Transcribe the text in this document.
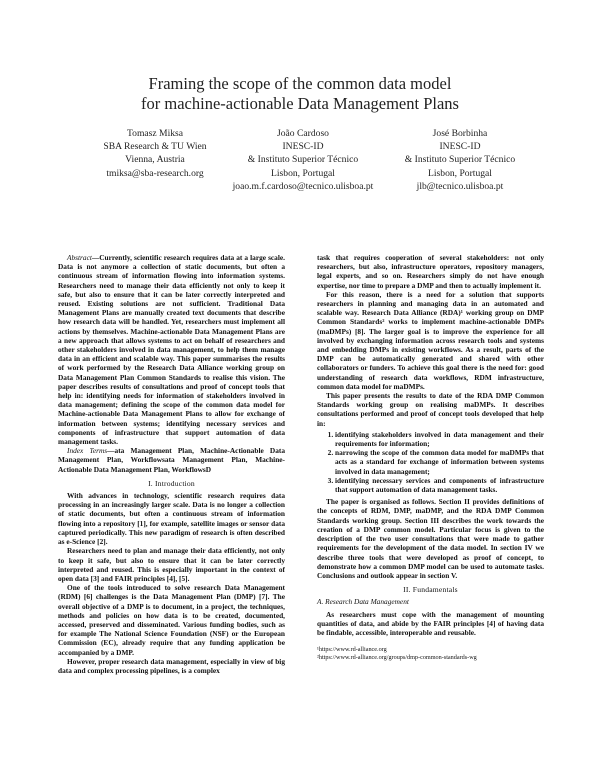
Framing the scope of the common data model
for machine-actionable Data Management Plans
Tomasz Miksa
SBA Research & TU Wien
Vienna, Austria
tmiksa@sba-research.org
João Cardoso
INESC-ID
& Instituto Superior Técnico
Lisbon, Portugal
joao.m.f.cardoso@tecnico.ulisboa.pt
José Borbinha
INESC-ID
& Instituto Superior Técnico
Lisbon, Portugal
jlb@tecnico.ulisboa.pt

Abstract—Currently, scientific research requires data at a large scale. Data is not anymore a collection of static documents, but often a continuous stream of information flowing into information systems. Researchers need to manage their data efficiently not only to keep it safe, but also to ensure that it can be later correctly interpreted and reused. Existing solutions are not sufficient. Traditional Data Management Plans are manually created text documents that describe how research data will be handled. Yet, researchers must implement all actions by themselves. Machine-actionable Data Management Plans are a new approach that allows systems to act on behalf of researchers and other stakeholders involved in data management, to help them manage data in an efficient and scalable way. This paper summarises the results of work performed by the Research Data Alliance working group on Data Management Plan Common Standards to realise this vision. The paper describes results of consultations and proof of concept tools that help in: identifying needs for information of stakeholders involved in data management; defining the scope of the common data model for Machine-actionable Data Management Plans to allow for exchange of information between systems; identifying necessary services and components of infrastructure that support automation of data management tasks.

Index Terms—ata Management Plan, Machine-Actionable Data Management Plan, Workflowsata Management Plan, Machine-Actionable Data Management Plan, WorkflowsD

I. Introduction

With advances in technology, scientific research requires data processing in an increasingly larger scale. Data is no longer a collection of static documents, but often a continuous stream of information flowing into a repository [1], for example, satellite images or sensor data captured periodically. This new paradigm of research is often described as e-Science [2].

Researchers need to plan and manage their data efficiently, not only to keep it safe, but also to ensure that it can be later correctly interpreted and reused. This is especially important in the context of open data [3] and FAIR principles [4], [5].

One of the tools introduced to solve research Data Management (RDM) [6] challenges is the Data Management Plan (DMP) [7]. The overall objective of a DMP is to document, in a project, the techniques, methods and policies on how data is to be created, documented, accessed, preserved and disseminated. Various funding bodies, such as for example The National Science Foundation (NSF) or the European Commission (EC), already require that any funding application be accompanied by a DMP.

However, proper research data management, especially in view of big data and complex processing pipelines, is a complex

task that requires cooperation of several stakeholders: not only researchers, but also, infrastructure operators, repository managers, legal experts, and so on. Researchers simply do not have enough expertise, nor time to prepare a DMP and then to actually implement it.

For this reason, there is a need for a solution that supports researchers in planning and managing data in an automated and scalable way. Research Data Alliance (RDA)¹ working group on DMP Common Standards² works to implement machine-actionable DMPs (maDMPs) [8]. The larger goal is to improve the experience for all involved by exchanging information across research tools and systems and embedding DMPs in existing workflows. As a result, parts of the DMP can be automatically generated and shared with other collaborators or funders. To achieve this goal there is the need for: good understanding of research data workflows, RDM infrastructure, common data model for maDMPs.

This paper presents the results to date of the RDA DMP Common Standards working group on realising maDMPs. It describes consultations performed and proof of concept tools developed that help in:

1. identifying stakeholders involved in data management and their requirements for information;
2. narrowing the scope of the common data model for maDMPs that acts as a standard for exchange of information between systems involved in data management;
3. identifying necessary services and components of infrastructure that support automation of data management tasks.

The paper is organised as follows. Section II provides definitions of the concepts of RDM, DMP, maDMP, and the RDA DMP Common Standards working group. Section III describes the work towards the creation of a DMP common model. Particular focus is given to the description of the two user consultations that were made to gather requirements for the development of the data model. In section IV we describe three tools that were developed as proof of concept, to demonstrate how a common DMP model can be used to automate tasks. Conclusions and outlook appear in section V.

II. Fundamentals
A. Research Data Management

As researchers must cope with the management of mounting quantities of data, and abide by the FAIR principles [4] of having data be findable, accessible, interoperable and reusable.

¹https://www.rd-alliance.org
²https://www.rd-alliance.org/groups/dmp-common-standards-wg
